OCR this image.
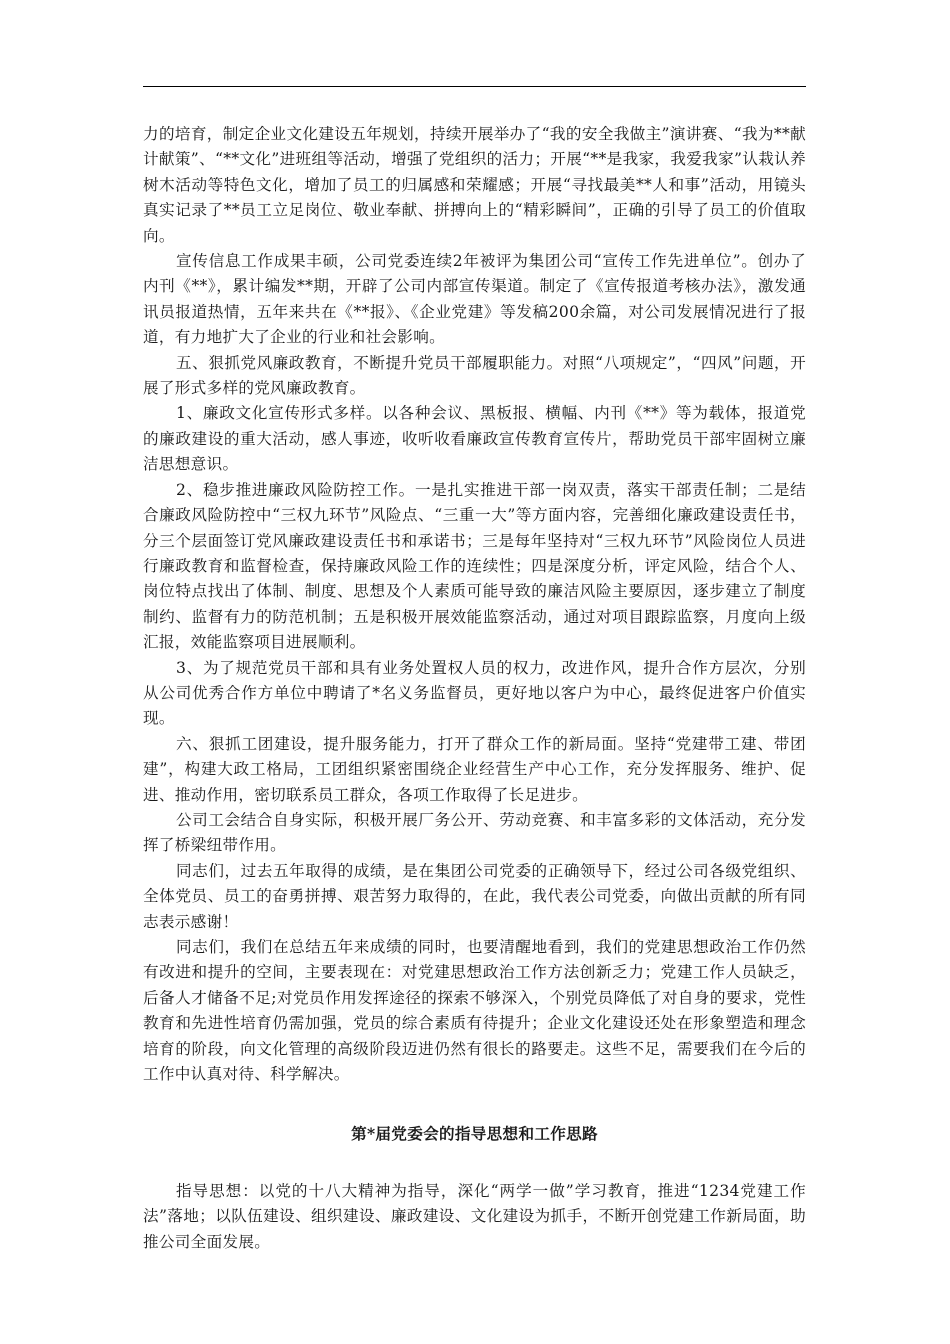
力的培育，制定企业文化建设五年规划，持续开展举办了“我的安全我做主”演讲赛、“我为**献计献策”、“**文化”进班组等活动，增强了党组织的活力；开展“**是我家，我爱我家”认栽认养树木活动等特色文化，增加了员工的归属感和荣耀感；开展“寻找最美**人和事”活动，用镜头真实记录了**员工立足岗位、敬业奉献、拼搏向上的“精彩瞬间”，正确的引导了员工的价值取向。

宣传信息工作成果丰硕，公司党委连续2年被评为集团公司“宣传工作先进单位”。创办了内刊《**》，累计编发**期，开辟了公司内部宣传渠道。制定了《宣传报道考核办法》，激发通讯员报道热情，五年来共在《**报》、《企业党建》等发稿200余篇，对公司发展情况进行了报道，有力地扩大了企业的行业和社会影响。

五、狠抓党风廉政教育，不断提升党员干部履职能力。对照“八项规定”，“四风”问题，开展了形式多样的党风廉政教育。

1、廉政文化宣传形式多样。以各种会议、黑板报、横幅、内刊《**》等为载体，报道党的廉政建设的重大活动，感人事迹，收听收看廉政宣传教育宣传片，帮助党员干部牢固树立廉洁思想意识。

2、稳步推进廉政风险防控工作。一是扎实推进干部一岗双责，落实干部责任制；二是结合廉政风险防控中“三权九环节”风险点、“三重一大”等方面内容，完善细化廉政建设责任书，分三个层面签订党风廉政建设责任书和承诺书；三是每年坚持对“三权九环节”风险岗位人员进行廉政教育和监督检查，保持廉政风险工作的连续性；四是深度分析，评定风险，结合个人、岗位特点找出了体制、制度、思想及个人素质可能导致的廉洁风险主要原因，逐步建立了制度制约、监督有力的防范机制；五是积极开展效能监察活动，通过对项目跟踪监察，月度向上级汇报，效能监察项目进展顺利。

3、为了规范党员干部和具有业务处置权人员的权力，改进作风，提升合作方层次，分别从公司优秀合作方单位中聘请了*名义务监督员，更好地以客户为中心，最终促进客户价值实现。

六、狠抓工团建设，提升服务能力，打开了群众工作的新局面。坚持“党建带工建、带团建”，构建大政工格局，工团组织紧密围绕企业经营生产中心工作，充分发挥服务、维护、促进、推动作用，密切联系员工群众，各项工作取得了长足进步。

公司工会结合自身实际，积极开展厂务公开、劳动竞赛、和丰富多彩的文体活动，充分发挥了桥梁纽带作用。

同志们，过去五年取得的成绩，是在集团公司党委的正确领导下，经过公司各级党组织、全体党员、员工的奋勇拼搏、艰苦努力取得的，在此，我代表公司党委，向做出贡献的所有同志表示感谢！

同志们，我们在总结五年来成绩的同时，也要清醒地看到，我们的党建思想政治工作仍然有改进和提升的空间，主要表现在：对党建思想政治工作方法创新乏力；党建工作人员缺乏，后备人才储备不足;对党员作用发挥途径的探索不够深入，个别党员降低了对自身的要求，党性教育和先进性培育仍需加强，党员的综合素质有待提升；企业文化建设还处在形象塑造和理念培育的阶段，向文化管理的高级阶段迈进仍然有很长的路要走。这些不足，需要我们在今后的工作中认真对待、科学解决。

第*届党委会的指导思想和工作思路

指导思想：以党的十八大精神为指导，深化“两学一做”学习教育，推进“1234党建工作法”落地；以队伍建设、组织建设、廉政建设、文化建设为抓手，不断开创党建工作新局面，助推公司全面发展。
